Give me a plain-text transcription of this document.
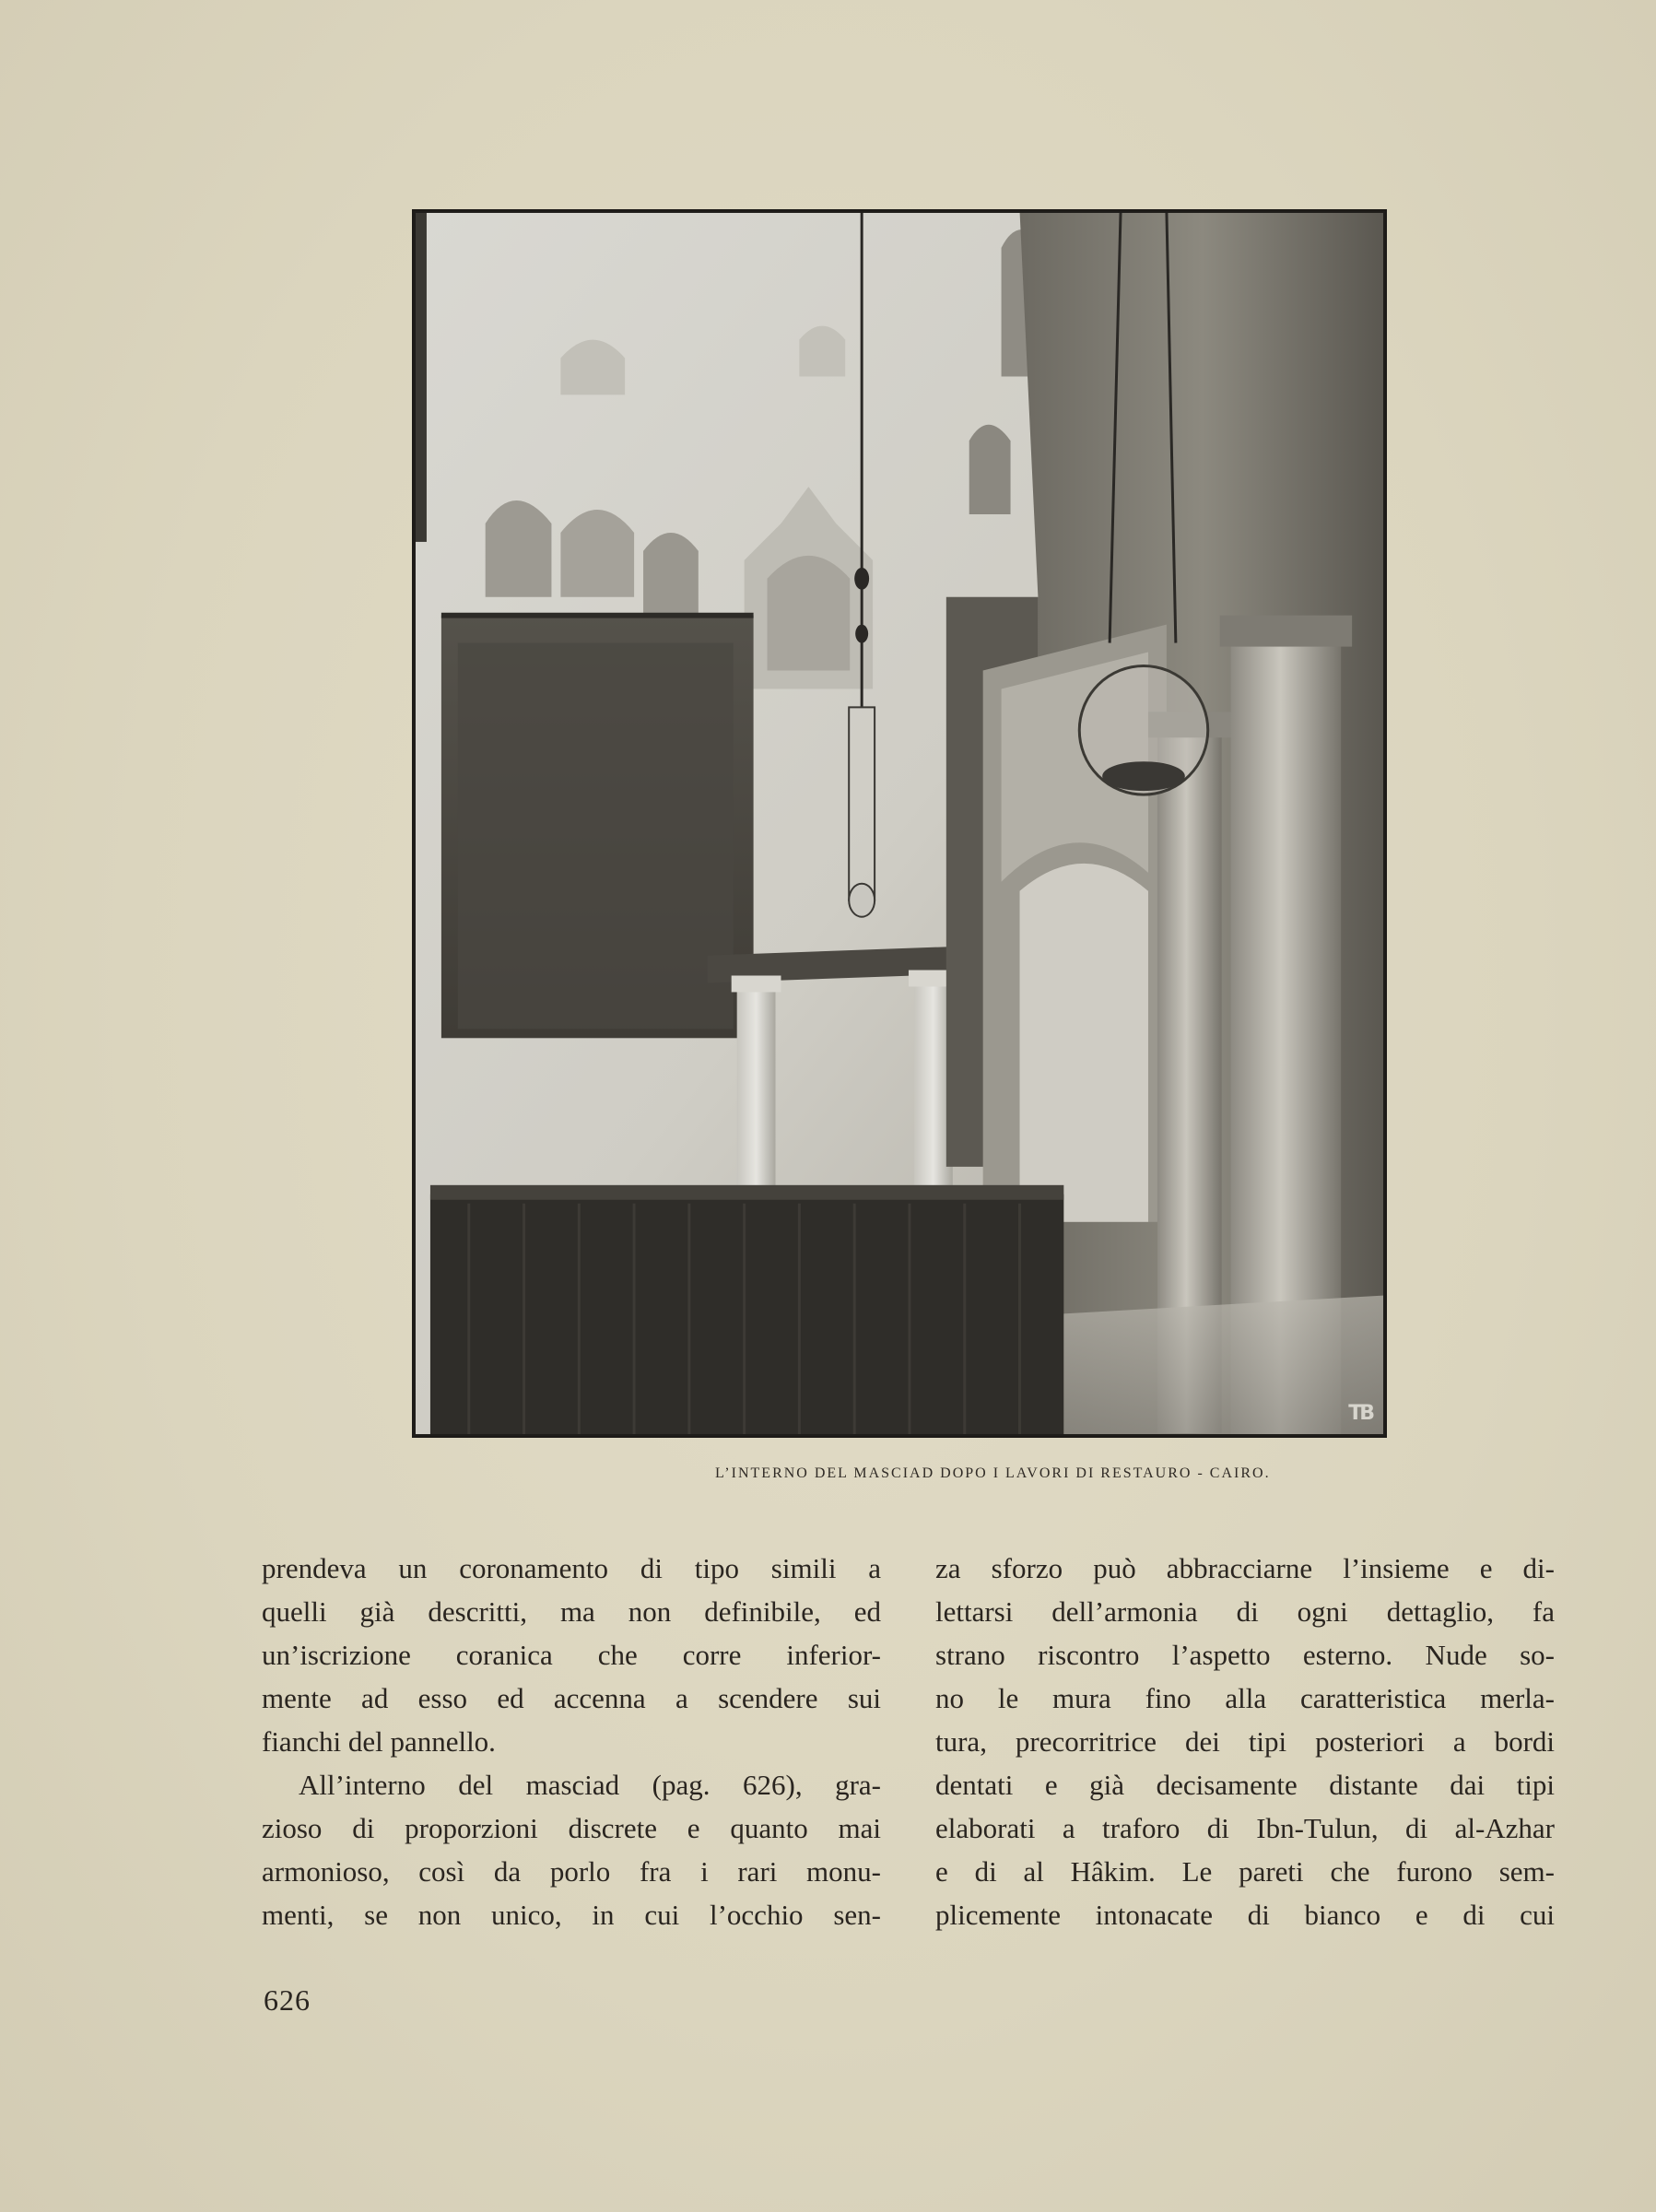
TB
L’INTERNO DEL MASCIAD DOPO I LAVORI DI RESTAURO - CAIRO.
prendeva un coronamento di tipo simili a
quelli già descritti, ma non definibile, ed
un’iscrizione coranica che corre inferior-
mente ad esso ed accenna a scendere sui
fianchi del pannello.
All’interno del masciad (pag. 626), gra-
zioso di proporzioni discrete e quanto mai
armonioso, così da porlo fra i rari monu-
menti, se non unico, in cui l’occhio sen-
za sforzo può abbracciarne l’insieme e di-
lettarsi dell’armonia di ogni dettaglio, fa
strano riscontro l’aspetto esterno. Nude so-
no le mura fino alla caratteristica merla-
tura, precorritrice dei tipi posteriori a bordi
dentati e già decisamente distante dai tipi
elaborati a traforo di Ibn-Tulun, di al-Azhar
e di al Hâkim. Le pareti che furono sem-
plicemente intonacate di bianco e di cui
626
